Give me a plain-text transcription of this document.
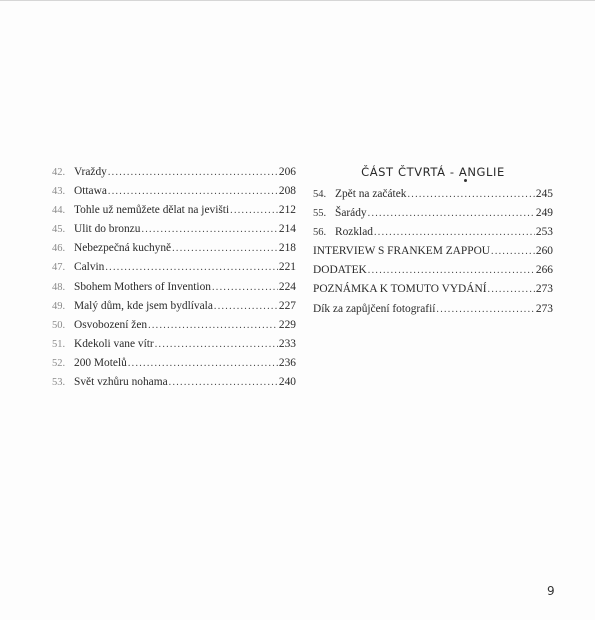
42. Vraždy . . .	206
43. Ottawa . . .	208
44. Tohle už nemůžete dělat na jevišti . . .	212
45. Ulit do bronzu . . .	214
46. Nebezpečná kuchyně . . .	218
47. Calvin . . .	221
48. Sbohem Mothers of Invention . . .	224
49. Malý dům, kde jsem bydlívala . . .	227
50. Osvobození žen . . .	229
51. Kdekoli vane vítr . . .	233
52. 200 Motelů . . .	236
53. Svět vzhůru nohama . . .	240
ČÁST ČTVRTÁ - ANGLIE
54. Zpět na začátek . . .	245
55. Šarády . . .	249
56. Rozklad . . .	253
INTERVIEW S FRANKEM ZAPPOU . . .	260
DODATEK . . .	266
POZNÁMKA K TOMUTO VYDÁNÍ . . .	273
Dík za zapůjčení fotografií . . .	273
9
